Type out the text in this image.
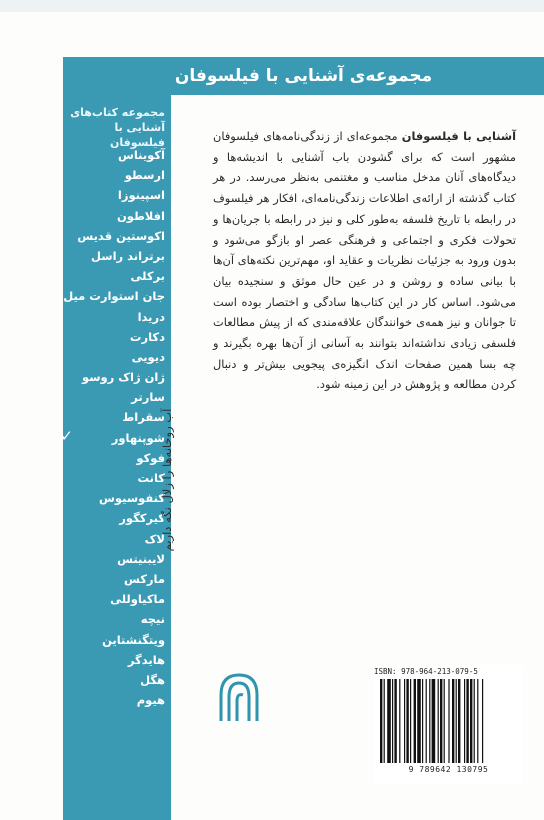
مجموعه‌ی آشنایی با فیلسوفان
مجموعه کتاب‌های آشنایی با فیلسوفان
آکویناس
ارسطو
اسپینوزا
افلاطون
اکوستین قدیس
برتراند راسل
برکلی
جان استوارت میل
دریدا
دکارت
دیویی
ژان ژاک روسو
سارتر
سقراط
شوپنهاور
✓
فوکو
کانت
کنفوسیوس
کیرکگور
لاک
لایبنیتس
مارکس
ماکیاوللی
نیچه
ویتگنشتاین
هایدگر
هگل
هیوم
آب رو‌خانه‌ها را زلال نگه داریم
آشنایی با فیلسوفان مجموعه‌ای از زندگی‌نامه‌های فیلسوفان مشهور است که برای گشودن باب آشنایی با اندیشه‌ها و دیدگاه‌های آنان مدخل مناسب و مغتنمی به‌نظر می‌رسد. در هر کتاب گذشته از ارائه‌ی اطلاعات زندگی‌نامه‌ای، افکار هر فیلسوف در رابطه با تاریخ فلسفه به‌طور کلی و نیز در رابطه با جریان‌ها و تحولات فکری و اجتماعی و فرهنگی عصر او بازگو می‌شود و بدون ورود به جزئیات نظریات و عقاید او، مهم‌ترین نکته‌های آن‌ها با بیانی ساده و روشن و در عین حال موثق و سنجیده بیان می‌شود. اساس کار در این کتاب‌ها سادگی و اختصار بوده است تا جوانان و نیز همه‌ی خوانندگان علاقه‌مندی که از پیش مطالعات فلسفی زیادی نداشته‌اند بتوانند به آسانی از آن‌ها بهره بگیرند و چه بسا همین صفحات اندک انگیزه‌ی پیجویی بیش‌تر و دنبال کردن مطالعه و پژوهش در این زمینه شود.
ISBN: 978-964-213-079-5
9 789642 130795
